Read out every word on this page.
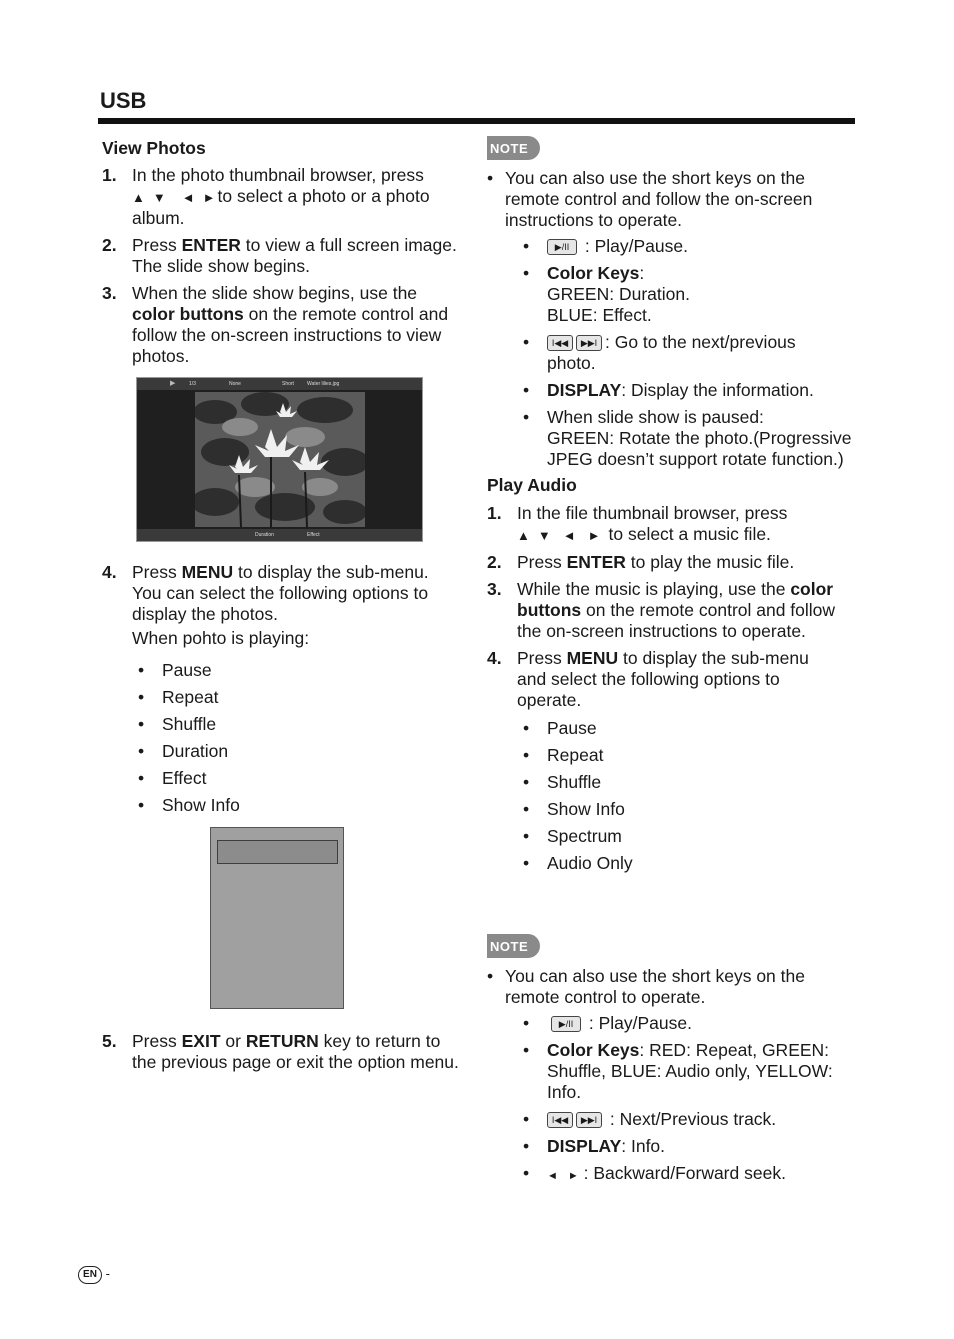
USB
View Photos
1. In the photo thumbnail browser, press
▲ ▼ ◄ ► to select a photo or a photo album.
2. Press ENTER to view a full screen image. The slide show begins.
3. When the slide show begins, use the color buttons on the remote control and follow the on-screen instructions to view photos.
▶	1/3	None	Short	Water lilies.jpg
Duration	Effect
4. Press MENU to display the sub-menu. You can select the following options to display the photos.
When pohto is playing:
• Pause
• Repeat
• Shuffle
• Duration
• Effect
• Show Info
5. Press EXIT or RETURN key to return to the previous page or exit the option menu.
NOTE
• You can also use the short keys on the remote control and follow the on-screen instructions to operate.
• ▶/II : Play/Pause.
• Color Keys:
GREEN: Duration.
BLUE: Effect.
• I◀◀ ▶▶I : Go to the next/previous photo.
• DISPLAY: Display the information.
• When slide show is paused:
GREEN: Rotate the photo.(Progressive JPEG doesn’t support rotate function.)
Play Audio
1. In the file thumbnail browser, press
▲ ▼ ◄ ► to select a music file.
2. Press ENTER to play the music file.
3. While the music is playing, use the color buttons on the remote control and follow the on-screen instructions to operate.
4. Press MENU to display the sub-menu and select the following options to operate.
• Pause
• Repeat
• Shuffle
• Show Info
• Spectrum
• Audio Only
NOTE
• You can also use the short keys on the remote control to operate.
• ▶/II : Play/Pause.
• Color Keys: RED: Repeat, GREEN: Shuffle, BLUE: Audio only, YELLOW: Info.
• I◀◀ ▶▶I : Next/Previous track.
• DISPLAY: Info.
• ◄ ► : Backward/Forward seek.
EN -
